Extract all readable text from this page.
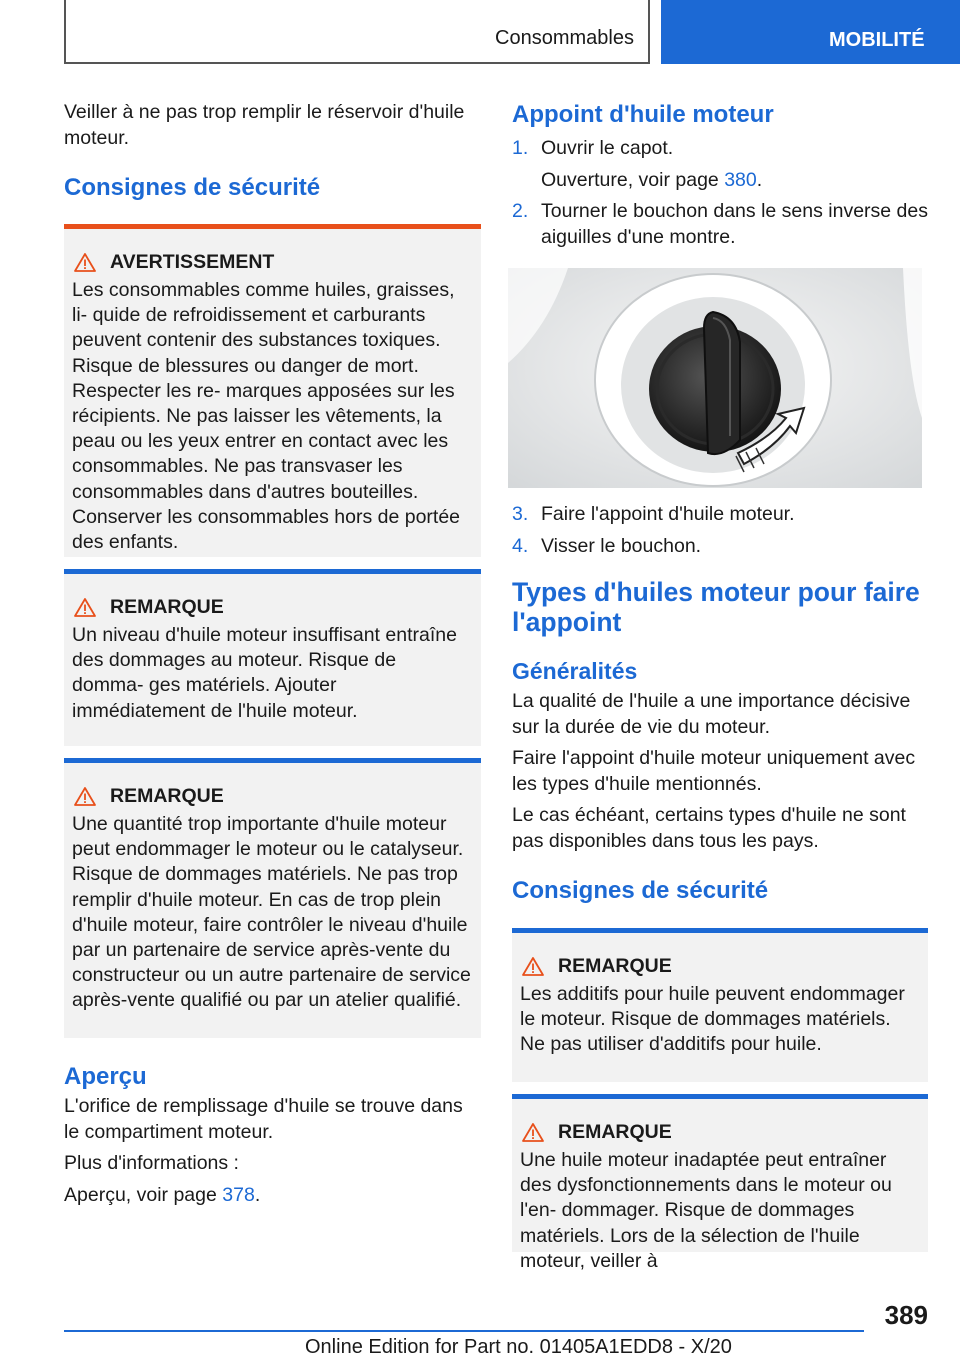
Consommables	MOBILITÉ

Veiller à ne pas trop remplir le réservoir d'huile moteur.

Consignes de sécurité
AVERTISSEMENT

Les consommables comme huiles, graisses, li- quide de refroidissement et carburants peuvent contenir des substances toxiques. Risque de blessures ou danger de mort. Respecter les re- marques apposées sur les récipients. Ne pas laisser les vêtements, la peau ou les yeux entrer en contact avec les consommables. Ne pas transvaser les consommables dans d'autres bouteilles. Conserver les consommables hors de portée des enfants.

REMARQUE

Un niveau d'huile moteur insuffisant entraîne des dommages au moteur. Risque de domma- ges matériels. Ajouter immédiatement de l'huile moteur.

REMARQUE

Une quantité trop importante d'huile moteur peut endommager le moteur ou le catalyseur. Risque de dommages matériels. Ne pas trop remplir d'huile moteur. En cas de trop plein d'huile moteur, faire contrôler le niveau d'huile par un partenaire de service après-vente du constructeur ou un autre partenaire de service après-vente qualifié ou par un atelier qualifié.

Aperçu

L'orifice de remplissage d'huile se trouve dans le compartiment moteur.

Plus d'informations :

Aperçu, voir page 378.

Appoint d'huile moteur
1. Ouvrir le capot.

Ouverture, voir page 380.

2. Tourner le bouchon dans le sens inverse des aiguilles d'une montre.
3. Faire l'appoint d'huile moteur.
4. Visser le bouchon.
Types d'huiles moteur pour faire l'appoint
Généralités

La qualité de l'huile a une importance décisive sur la durée de vie du moteur.

Faire l'appoint d'huile moteur uniquement avec les types d'huile mentionnés.

Le cas échéant, certains types d'huile ne sont pas disponibles dans tous les pays.

Consignes de sécurité
REMARQUE

Les additifs pour huile peuvent endommager le moteur. Risque de dommages matériels. Ne pas utiliser d'additifs pour huile.

REMARQUE

Une huile moteur inadaptée peut entraîner des dysfonctionnements dans le moteur ou l'en- dommager. Risque de dommages matériels. Lors de la sélection de l'huile moteur, veiller à

389
Online Edition for Part no. 01405A1EDD8 - X/20
